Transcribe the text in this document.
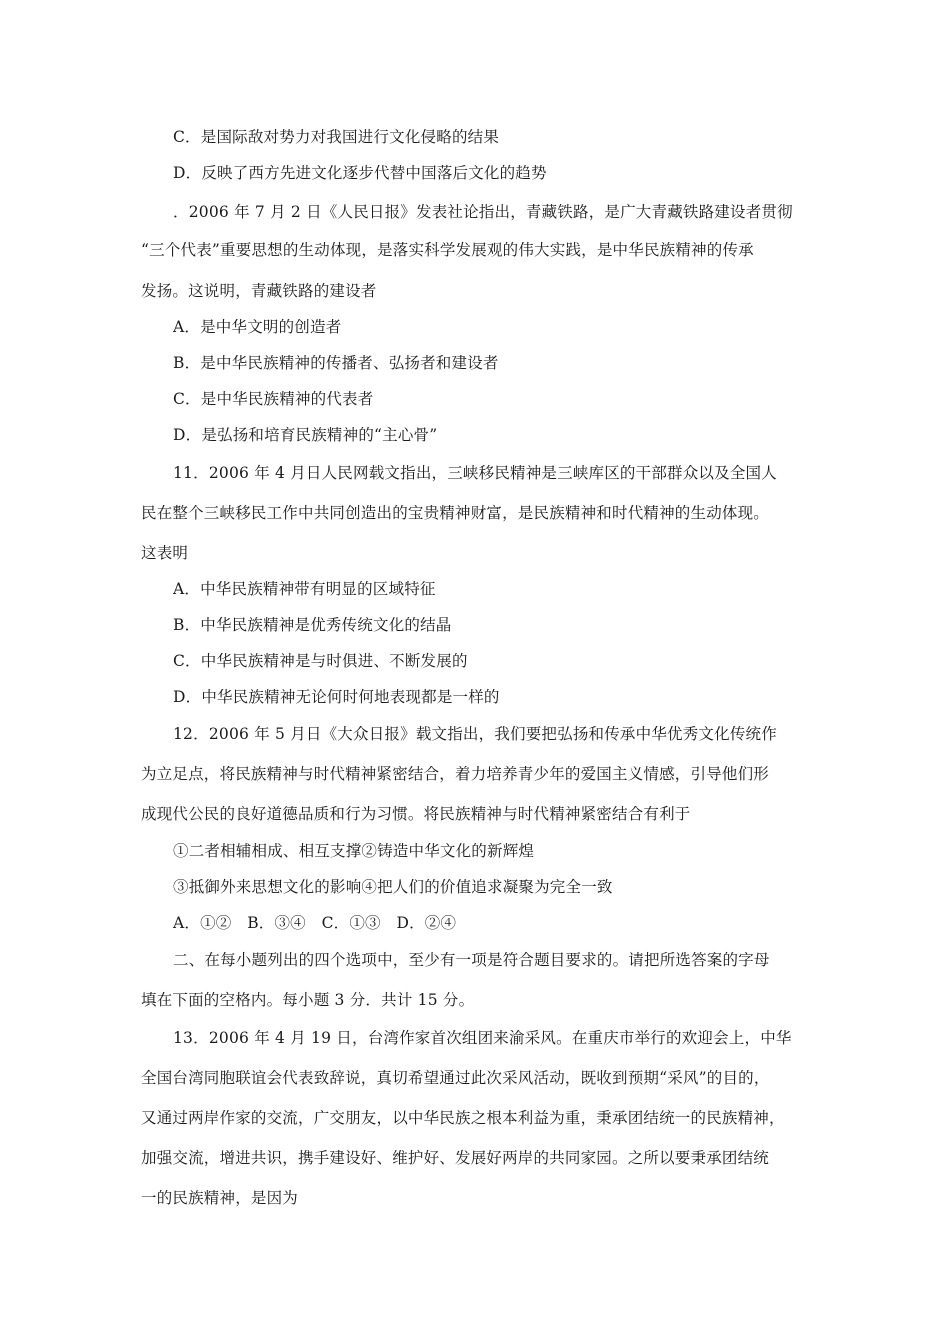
C．是国际敌对势力对我国进行文化侵略的结果
D．反映了西方先进文化逐步代替中国落后文化的趋势
．2006 年 7 月 2 日《人民日报》发表社论指出，青藏铁路，是广大青藏铁路建设者贯彻
“三个代表”重要思想的生动体现，是落实科学发展观的伟大实践，是中华民族精神的传承
发扬。这说明，青藏铁路的建设者
A．是中华文明的创造者
B．是中华民族精神的传播者、弘扬者和建设者
C．是中华民族精神的代表者
D．是弘扬和培育民族精神的“主心骨”
11．2006 年 4 月日人民网载文指出，三峡移民精神是三峡库区的干部群众以及全国人
民在整个三峡移民工作中共同创造出的宝贵精神财富，是民族精神和时代精神的生动体现。
这表明
A．中华民族精神带有明显的区域特征
B．中华民族精神是优秀传统文化的结晶
C．中华民族精神是与时俱进、不断发展的
D．中华民族精神无论何时何地表现都是一样的
12．2006 年 5 月日《大众日报》载文指出，我们要把弘扬和传承中华优秀文化传统作
为立足点，将民族精神与时代精神紧密结合，着力培养青少年的爱国主义情感，引导他们形
成现代公民的良好道德品质和行为习惯。将民族精神与时代精神紧密结合有利于
①二者相辅相成、相互支撑②铸造中华文化的新辉煌
③抵御外来思想文化的影响④把人们的价值追求凝聚为完全一致
A．①②　B．③④　C．①③　D．②④
二、在每小题列出的四个选项中，至少有一项是符合题目要求的。请把所选答案的字母
填在下面的空格内。每小题 3 分．共计 15 分。
13．2006 年 4 月 19 日，台湾作家首次组团来渝采风。在重庆市举行的欢迎会上，中华
全国台湾同胞联谊会代表致辞说，真切希望通过此次采风活动，既收到预期“采风”的目的，
又通过两岸作家的交流，广交朋友，以中华民族之根本利益为重，秉承团结统一的民族精神，
加强交流，增进共识，携手建设好、维护好、发展好两岸的共同家园。之所以要秉承团结统
一的民族精神，是因为
